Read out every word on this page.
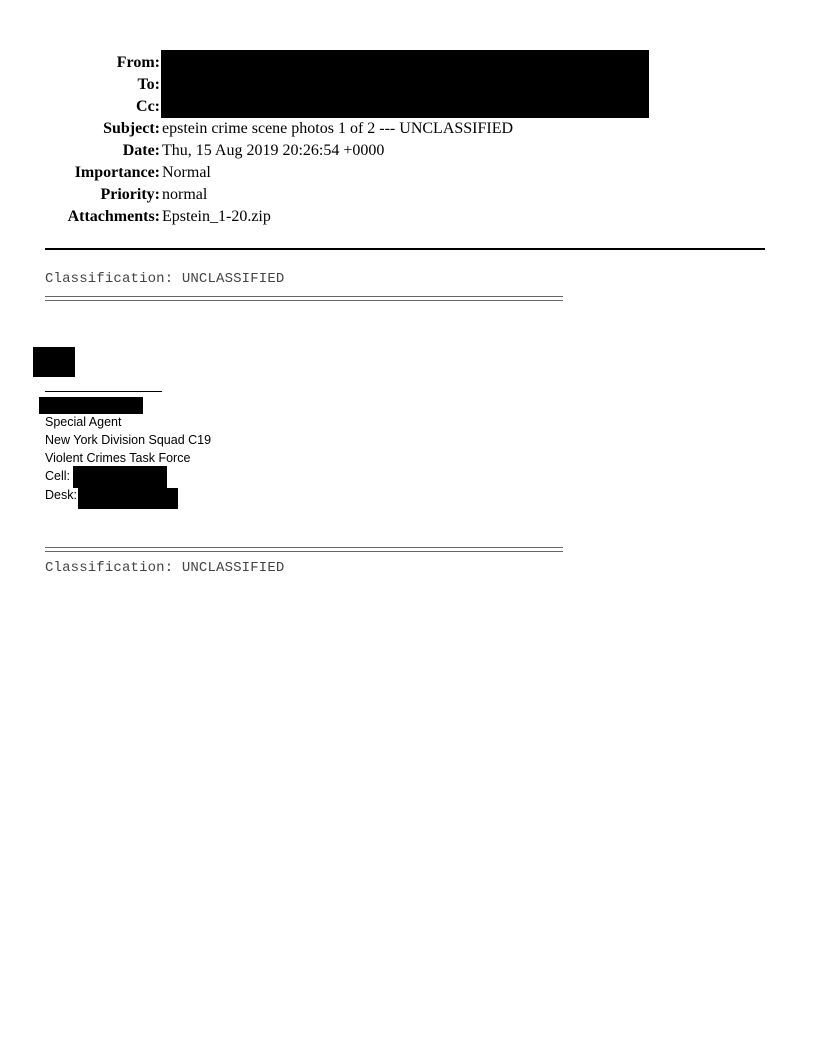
From:
To:
Cc:
Subject: epstein crime scene photos 1 of 2 --- UNCLASSIFIED
Date: Thu, 15 Aug 2019 20:26:54 +0000
Importance: Normal
Priority: normal
Attachments: Epstein_1-20.zip
Classification: UNCLASSIFIED
Special Agent
New York Division Squad C19
Violent Crimes Task Force
Cell:
Desk:
Classification: UNCLASSIFIED
